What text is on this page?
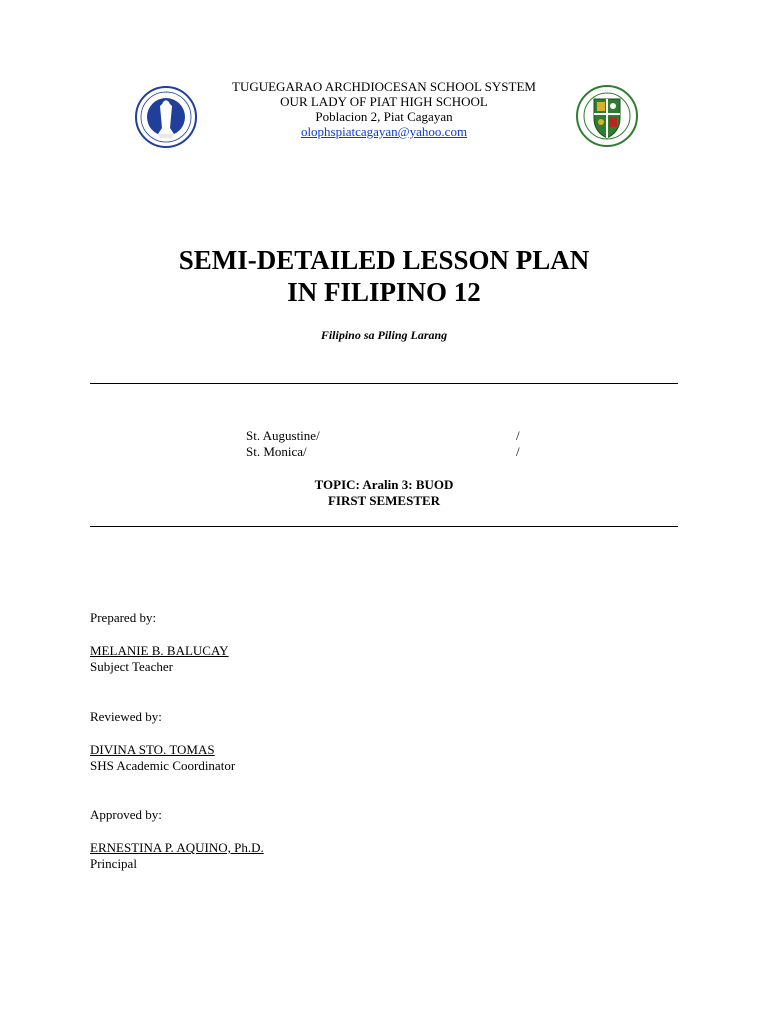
. . . . . . .
. . . . . . .
TUGUEGARAO ARCHDIOCESAN SCHOOL SYSTEM
OUR LADY OF PIAT HIGH SCHOOL
Poblacion 2, Piat Cagayan
olophspiatcagayan@yahoo.com
. . . . . . . .
SEMI-DETAILED LESSON PLAN
IN FILIPINO 12
Filipino sa Piling Larang
St. Augustine/	/
St. Monica/	/
TOPIC: Aralin 3: BUOD
FIRST SEMESTER
Prepared by:
MELANIE B. BALUCAY
Subject Teacher
Reviewed by:
DIVINA STO. TOMAS
SHS Academic Coordinator
Approved by:
ERNESTINA P. AQUINO, Ph.D.
Principal
